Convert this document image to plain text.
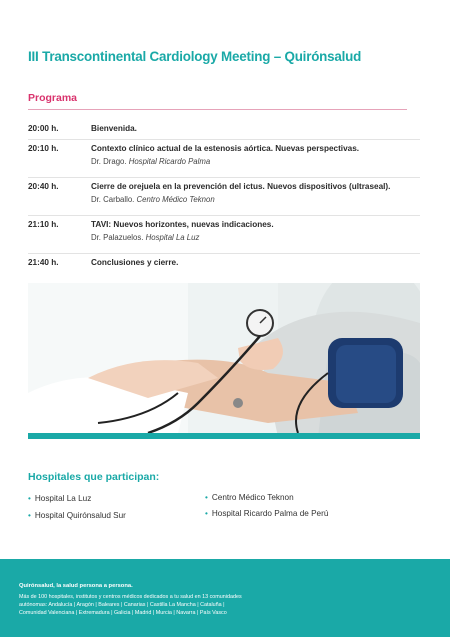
III Transcontinental Cardiology Meeting – Quirónsalud
Programa
20:00 h.	Bienvenida.
20:10 h.	Contexto clínico actual de la estenosis aórtica. Nuevas perspectivas.
Dr. Drago. Hospital Ricardo Palma
20:40 h.	Cierre de orejuela en la prevención del ictus. Nuevos dispositivos (ultraseal).
Dr. Carballo. Centro Médico Teknon
21:10 h.	TAVI: Nuevos horizontes, nuevas indicaciones.
Dr. Palazuelos. Hospital La Luz
21:40 h.	Conclusiones y cierre.
Hospitales que participan:
• Hospital La Luz
• Hospital Quirónsalud Sur
• Centro Médico Teknon
• Hospital Ricardo Palma de Perú
Quirónsalud, la salud persona a persona.
Más de 100 hospitales, institutos y centros médicos dedicados a tu salud en 13 comunidades
autónomas: Andalucía | Aragón | Baleares | Canarias | Castilla La Mancha | Cataluña |
Comunidad Valenciana | Extremadura | Galicia | Madrid | Murcia | Navarra | País Vasco
